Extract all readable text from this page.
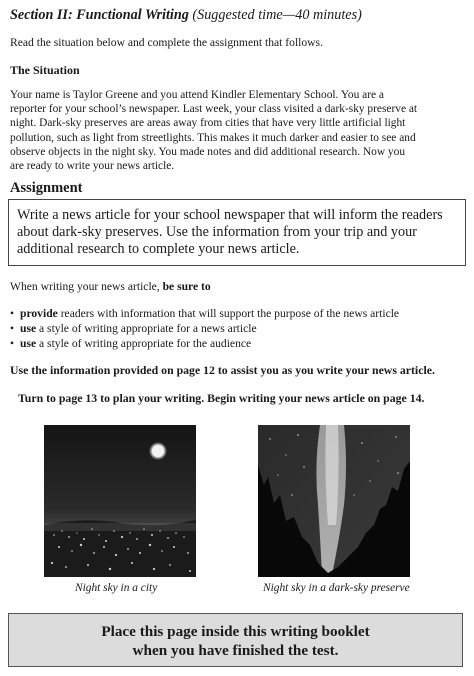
Section II: Functional Writing (Suggested time—40 minutes)
Read the situation below and complete the assignment that follows.
The Situation
Your name is Taylor Greene and you attend Kindler Elementary School. You are a
reporter for your school’s newspaper. Last week, your class visited a dark-sky preserve at
night. Dark-sky preserves are areas away from cities that have very little artificial light
pollution, such as light from streetlights. This makes it much darker and easier to see and
observe objects in the night sky. You made notes and did additional research. Now you
are ready to write your news article.
Assignment
Write a news article for your school newspaper that will inform the readers
about dark-sky preserves. Use the information from your trip and your
additional research to complete your news article.
When writing your news article, be sure to
• provide readers with information that will support the purpose of the news article
• use a style of writing appropriate for a news article
• use a style of writing appropriate for the audience
Use the information provided on page 12 to assist you as you write your news article.
Turn to page 13 to plan your writing. Begin writing your news article on page 14.
Night sky in a city	Night sky in a dark-sky preserve
Place this page inside this writing booklet
when you have finished the test.
